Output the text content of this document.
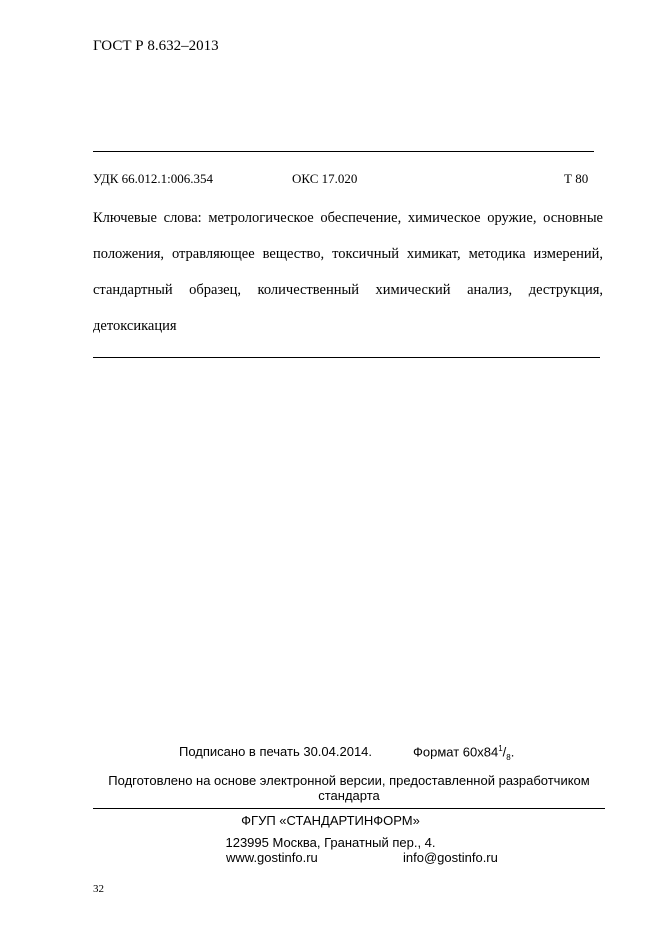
ГОСТ Р 8.632–2013
УДК 66.012.1:006.354	ОКС 17.020	Т 80
Ключевые слова: метрологическое обеспечение, химическое оружие, основные положения, отравляющее вещество, токсичный химикат, методика измерений, стандартный образец, количественный химический анализ, деструкция, детоксикация
Подписано в печать 30.04.2014.	Формат $60х84^1/_8$.
Подготовлено на основе электронной версии, предоставленной разработчиком стандарта
ФГУП «СТАНДАРТИНФОРМ»
123995 Москва, Гранатный пер., 4.
www.gostinfo.ru	info@gostinfo.ru
32
